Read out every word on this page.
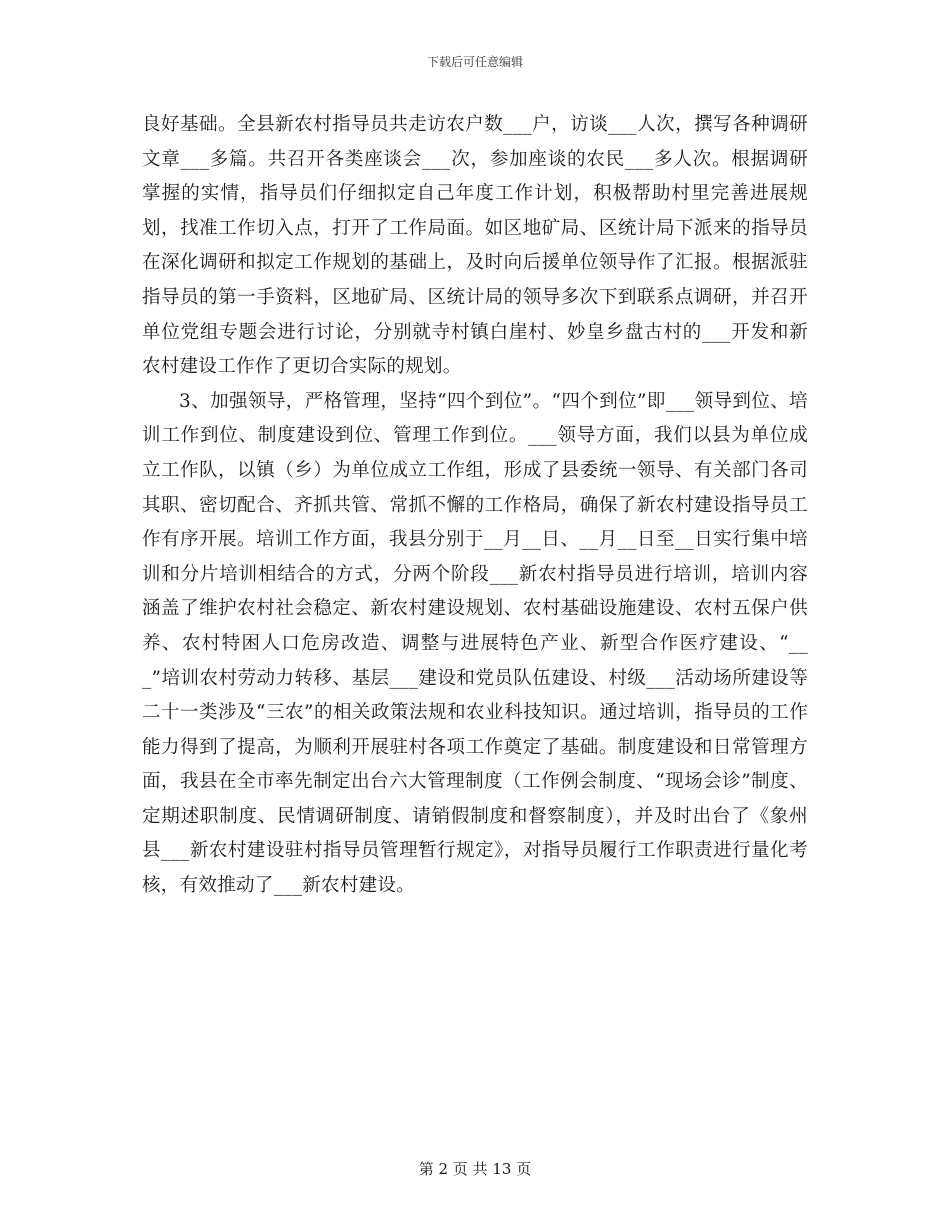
下载后可任意编辑

良好基础。全县新农村指导员共走访农户数___户，访谈___人次，撰写各种调研文章___多篇。共召开各类座谈会___次，参加座谈的农民___多人次。根据调研掌握的实情，指导员们仔细拟定自己年度工作计划，积极帮助村里完善进展规划，找准工作切入点，打开了工作局面。如区地矿局、区统计局下派来的指导员在深化调研和拟定工作规划的基础上，及时向后援单位领导作了汇报。根据派驻指导员的第一手资料，区地矿局、区统计局的领导多次下到联系点调研，并召开单位党组专题会进行讨论，分别就寺村镇白崖村、妙皇乡盘古村的___开发和新农村建设工作作了更切合实际的规划。

3、加强领导，严格管理，坚持“四个到位”。“四个到位”即___领导到位、培训工作到位、制度建设到位、管理工作到位。___领导方面，我们以县为单位成立工作队，以镇（乡）为单位成立工作组，形成了县委统一领导、有关部门各司其职、密切配合、齐抓共管、常抓不懈的工作格局，确保了新农村建设指导员工作有序开展。培训工作方面，我县分别于__月__日、__月__日至__日实行集中培训和分片培训相结合的方式，分两个阶段___新农村指导员进行培训，培训内容涵盖了维护农村社会稳定、新农村建设规划、农村基础设施建设、农村五保户供养、农村特困人口危房改造、调整与进展特色产业、新型合作医疗建设、“___”培训农村劳动力转移、基层___建设和党员队伍建设、村级___活动场所建设等二十一类涉及“三农”的相关政策法规和农业科技知识。通过培训，指导员的工作能力得到了提高，为顺利开展驻村各项工作奠定了基础。制度建设和日常管理方面，我县在全市率先制定出台六大管理制度（工作例会制度、“现场会诊”制度、定期述职制度、民情调研制度、请销假制度和督察制度），并及时出台了《象州县___新农村建设驻村指导员管理暂行规定》，对指导员履行工作职责进行量化考核，有效推动了___新农村建设。

第 2 页 共 13 页
